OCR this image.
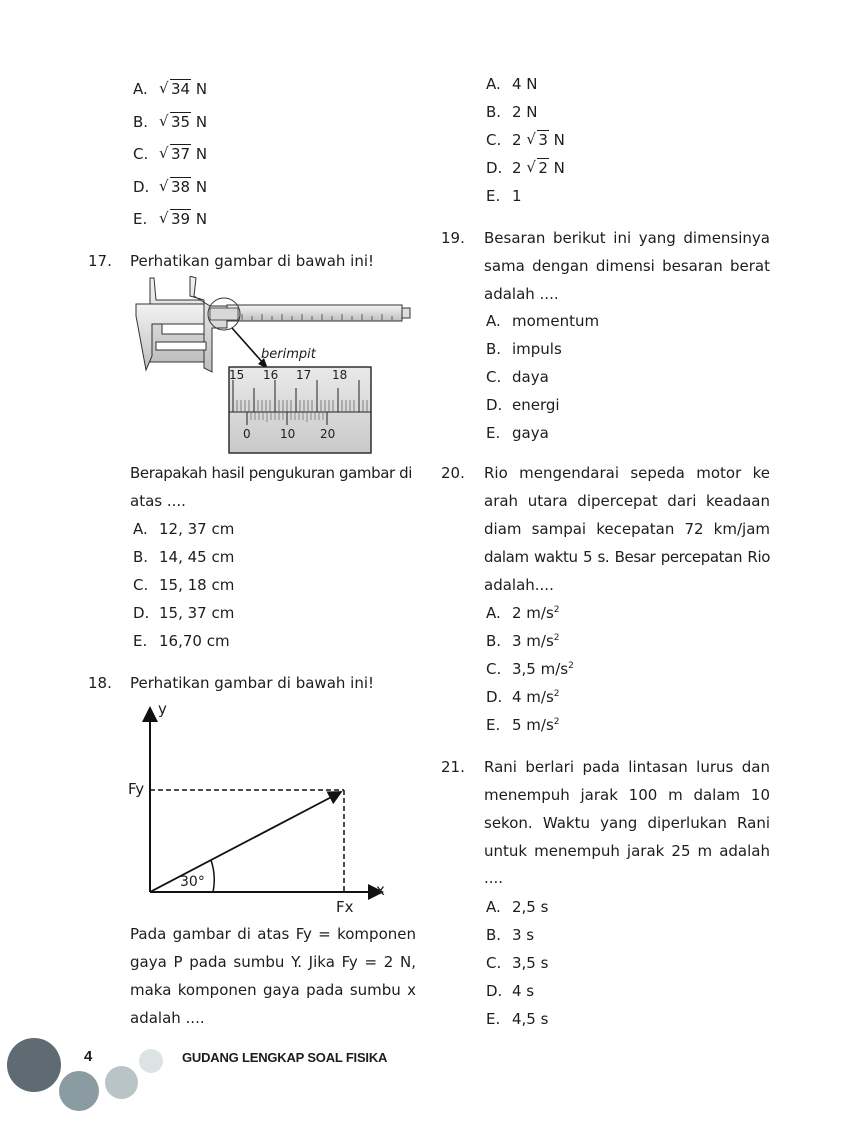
A. √ 34 N
B. √ 35 N
C. √ 37 N
D. √ 38 N
E. √ 39 N
17. Perhatikan gambar di bawah ini!
berimpit
15 16 17 18
0 10 20
Berapakah hasil pengukuran gambar di
atas ....
A. 12, 37 cm
B. 14, 45 cm
C. 15, 18 cm
D. 15, 37 cm
E. 16,70 cm
18. Perhatikan gambar di bawah ini!
y
x
Fy
Fx
30°
Pada gambar di atas Fy = komponen
gaya P pada sumbu Y. Jika Fy = 2 N,
maka komponen gaya pada sumbu x
adalah ....
A. 4 N
B. 2 N
C. 2 √ 3 N
D. 2 √ 2 N
E. 1
19. Besaran berikut ini yang dimensinya
sama dengan dimensi besaran berat
adalah ....
A. momentum
B. impuls
C. daya
D. energi
E. gaya
20. Rio mengendarai sepeda motor ke
arah utara dipercepat dari keadaan
diam sampai kecepatan 72 km/jam
dalam waktu 5 s. Besar percepatan Rio
adalah....
A. 2 $m/s^2$
B. 3 $m/s^2$
C. 3,5 $m/s^2$
D. 4 $m/s^2$
E. 5 $m/s^2$
21. Rani berlari pada lintasan lurus dan
menempuh jarak 100 m dalam 10
sekon. Waktu yang diperlukan Rani
untuk menempuh jarak 25 m adalah
....
A. 2,5 s
B. 3 s
C. 3,5 s
D. 4 s
E. 4,5 s
4	GUDANG LENGKAP SOAL FISIKA
